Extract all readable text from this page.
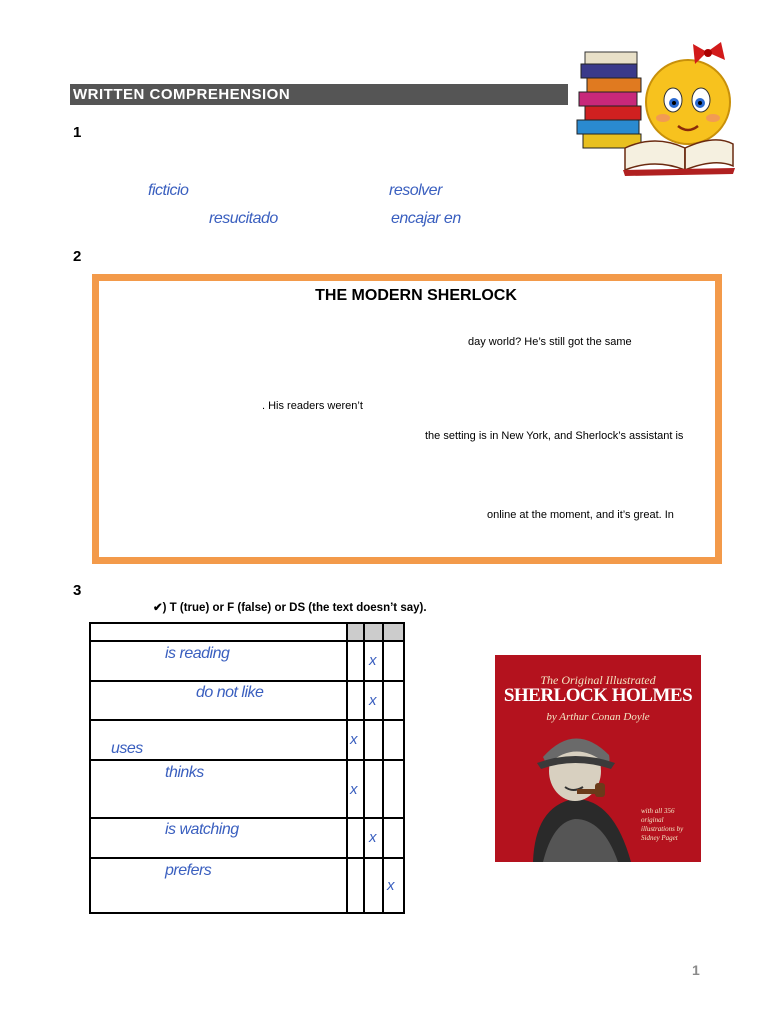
WRITTEN COMPREHENSION
1
ficticio	resolver
resucitado	encajar en
2
THE MODERN SHERLOCK
day world? He’s still got the same
. His readers weren’t
the setting is in New York, and Sherlock’s assistant is
online at the moment, and it’s great. In
3
✔) T (true) or F (false) or DS (the text doesn’t say).

is reading		x	

do not like		x	

uses	x		

thinks	x		

is watching		x	

prefers			x
The Original Illustrated
SHERLOCK HOLMES
by Arthur Conan Doyle
with all 356 original illustrations by Sidney Paget
1
